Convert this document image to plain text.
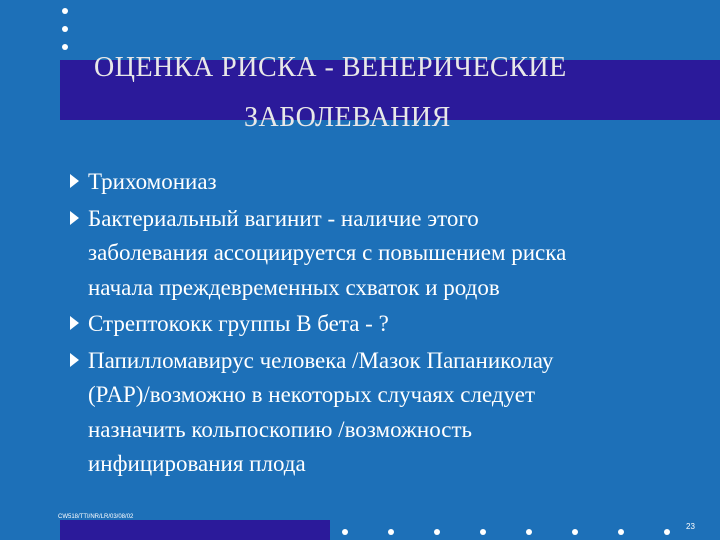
ОЦЕНКА РИСКА - ВЕНЕРИЧЕСКИЕ
ЗАБОЛЕВАНИЯ
Трихомониаз
Бактериальный вагинит - наличие этого
заболевания ассоциируется с повышением риска
начала преждевременных схваток и родов
Стрептококк группы В бета - ?
Папилломавирус человека /Мазок Папаниколау
(PAP)/возможно в некоторых случаях следует
назначить кольпоскопию /возможность
инфицирования плода
CW518/TTI/NR/LR/03/08/02
23
